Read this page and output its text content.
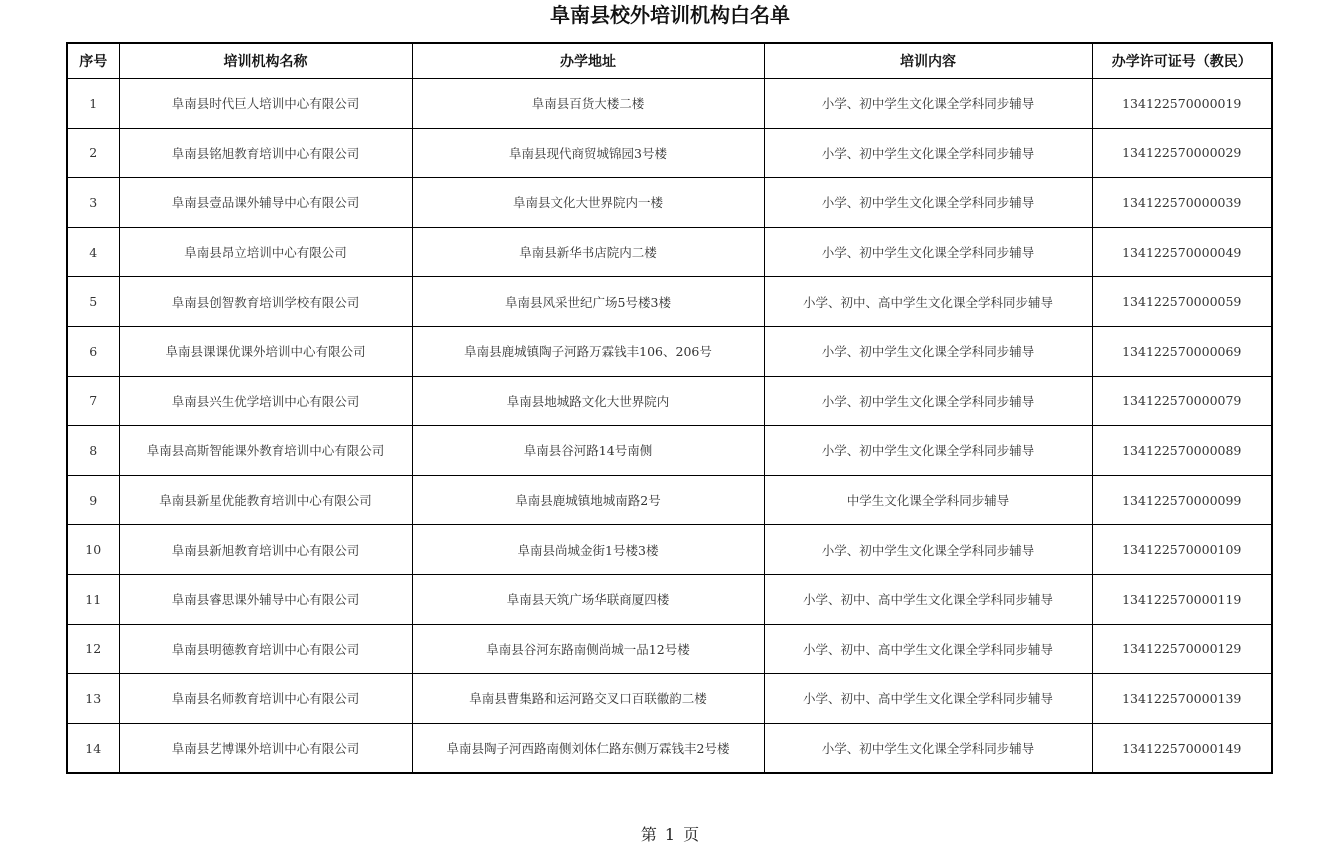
阜南县校外培训机构白名单
序号	培训机构名称	办学地址	培训内容	办学许可证号（教民）
1	阜南县时代巨人培训中心有限公司	阜南县百货大楼二楼	小学、初中学生文化课全学科同步辅导	134122570000019
2	阜南县铭旭教育培训中心有限公司	阜南县现代商贸城锦园3号楼	小学、初中学生文化课全学科同步辅导	134122570000029
3	阜南县壹品课外辅导中心有限公司	阜南县文化大世界院内一楼	小学、初中学生文化课全学科同步辅导	134122570000039
4	阜南县昂立培训中心有限公司	阜南县新华书店院内二楼	小学、初中学生文化课全学科同步辅导	134122570000049
5	阜南县创智教育培训学校有限公司	阜南县风采世纪广场5号楼3楼	小学、初中、高中学生文化课全学科同步辅导	134122570000059
6	阜南县课课优课外培训中心有限公司	阜南县鹿城镇陶子河路万霖钱丰106、206号	小学、初中学生文化课全学科同步辅导	134122570000069
7	阜南县兴生优学培训中心有限公司	阜南县地城路文化大世界院内	小学、初中学生文化课全学科同步辅导	134122570000079
8	阜南县高斯智能课外教育培训中心有限公司	阜南县谷河路14号南侧	小学、初中学生文化课全学科同步辅导	134122570000089
9	阜南县新星优能教育培训中心有限公司	阜南县鹿城镇地城南路2号	中学生文化课全学科同步辅导	134122570000099
10	阜南县新旭教育培训中心有限公司	阜南县尚城金街1号楼3楼	小学、初中学生文化课全学科同步辅导	134122570000109
11	阜南县睿思课外辅导中心有限公司	阜南县天筑广场华联商厦四楼	小学、初中、高中学生文化课全学科同步辅导	134122570000119
12	阜南县明德教育培训中心有限公司	阜南县谷河东路南侧尚城一品12号楼	小学、初中、高中学生文化课全学科同步辅导	134122570000129
13	阜南县名师教育培训中心有限公司	阜南县曹集路和运河路交叉口百联徽韵二楼	小学、初中、高中学生文化课全学科同步辅导	134122570000139
14	阜南县艺博课外培训中心有限公司	阜南县陶子河西路南侧刘体仁路东侧万霖钱丰2号楼	小学、初中学生文化课全学科同步辅导	134122570000149
第 1 页
